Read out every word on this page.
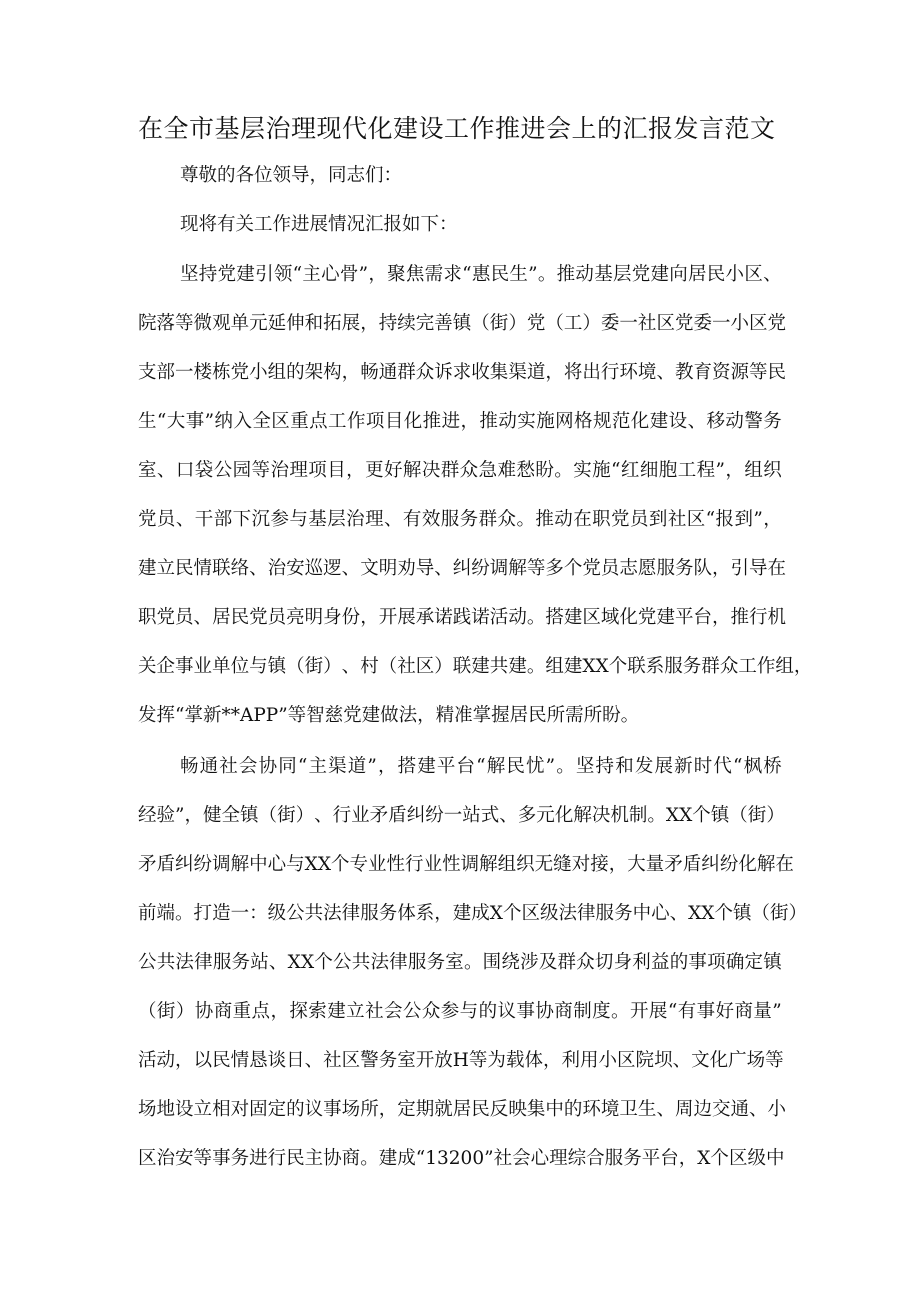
在全市基层治理现代化建设工作推进会上的汇报发言范文
尊敬的各位领导，同志们：
现将有关工作进展情况汇报如下：
坚 持 党 建 引 领 “ 主 心 骨 ” ， 聚 焦 需 求 “ 惠 民 生 ” 。 推 动 基 层 党 建 向 居 民 小 区 、
院 落 等 微 观 单 元 延 伸 和 拓 展 ， 持 续 完 善 镇 （ 街 ） 党 （ 工 ） 委 一 社 区 党 委 一 小 区 党
支 部 一 楼 栋 党 小 组 的 架 构 ， 畅 通 群 众 诉 求 收 集 渠 道 ， 将 出 行 环 境 、 教 育 资 源 等 民
生 “ 大 事 ” 纳 入 全 区 重 点 工 作 项 目 化 推 进 ， 推 动 实 施 网 格 规 范 化 建 设 、 移 动 警 务
室 、 口 袋 公 园 等 治 理 项 目 ， 更 好 解 决 群 众 急 难 愁 盼 。 实 施 “ 红 细 胞 工 程 ” ， 组 织
党 员 、 干 部 下 沉 参 与 基 层 治 理 、 有 效 服 务 群 众 。 推 动 在 职 党 员 到 社 区 “ 报 到 ” ，
建 立 民 情 联 络 、 治 安 巡 逻 、 文 明 劝 导 、 纠 纷 调 解 等 多 个 党 员 志 愿 服 务 队 ， 引 导 在
职 党 员 、 居 民 党 员 亮 明 身 份 ， 开 展 承 诺 践 诺 活 动 。 搭 建 区 域 化 党 建 平 台 ， 推 行 机
关 企 事 业 单 位 与 镇 （ 街 ） 、 村 （ 社 区 ） 联 建 共 建 。 组 建 X X 个 联 系 服 务 群 众 工 作 组 ，
发挥“掌新**APP”等智慈党建做法，精准掌握居民所需所盼。
畅 通 社 会 协 同 “ 主 渠 道 ” ， 搭 建 平 台 “ 解 民 忧 ” 。 坚 持 和 发 展 新 时 代 “ 枫 桥
经 验 ” ， 健 全 镇 （ 街 ） 、 行 业 矛 盾 纠 纷 一 站 式 、 多 元 化 解 决 机 制 。 X X 个 镇 （ 街 ）
矛 盾 纠 纷 调 解 中 心 与 X X 个 专 业 性 行 业 性 调 解 组 织 无 缝 对 接 ， 大 量 矛 盾 纠 纷 化 解 在
前 端 。 打 造 一 ： 级 公 共 法 律 服 务 体 系 ， 建 成 X 个 区 级 法 律 服 务 中 心 、 X X 个 镇 （ 街 ）
公 共 法 律 服 务 站 、 X X 个 公 共 法 律 服 务 室 。 围 绕 涉 及 群 众 切 身 利 益 的 事 项 确 定 镇
（ 街 ） 协 商 重 点 ， 探 索 建 立 社 会 公 众 参 与 的 议 事 协 商 制 度 。 开 展 “ 有 事 好 商 量 ”
活 动 ， 以 民 情 恳 谈 日 、 社 区 警 务 室 开 放 H 等 为 载 体 ， 利 用 小 区 院 坝 、 文 化 广 场 等
场 地 设 立 相 对 固 定 的 议 事 场 所 ， 定 期 就 居 民 反 映 集 中 的 环 境 卫 生 、 周 边 交 通 、 小
区 治 安 等 事 务 进 行 民 主 协 商 。 建 成 “ 1 3 2 0 0 ” 社 会 心 理 综 合 服 务 平 台 ， X 个 区 级 中
